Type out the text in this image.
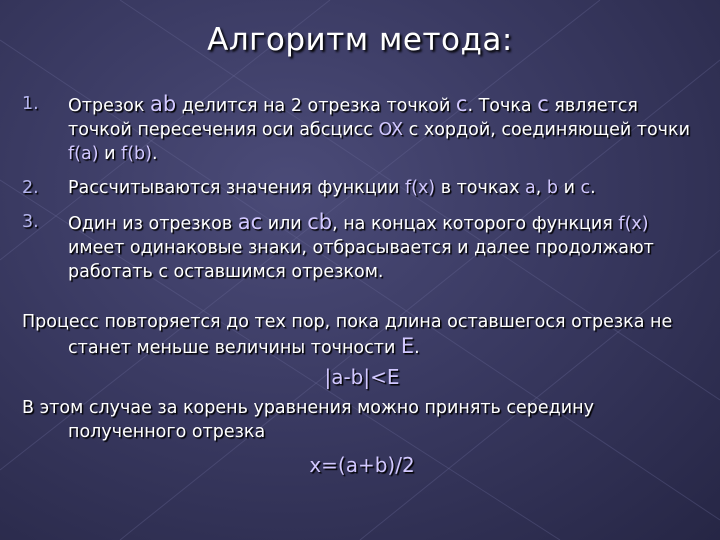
Алгоритм метода:
1. Отрезок ab делится на 2 отрезка точкой c. Точка c является точкой пересечения оси абсцисс OX с хордой, соединяющей точки f(a) и f(b).
2. Рассчитываются значения функции f(x) в точках a, b и c.
3. Один из отрезков ac или cb, на концах которого функция f(x) имеет одинаковые знаки, отбрасывается и далее продолжают работать с оставшимся отрезком.
Процесс повторяется до тех пор, пока длина оставшегося отрезка не станет меньше величины точности E.
|a-b|<E
В этом случае за корень уравнения можно принять середину полученного отрезка
x=(a+b)/2
